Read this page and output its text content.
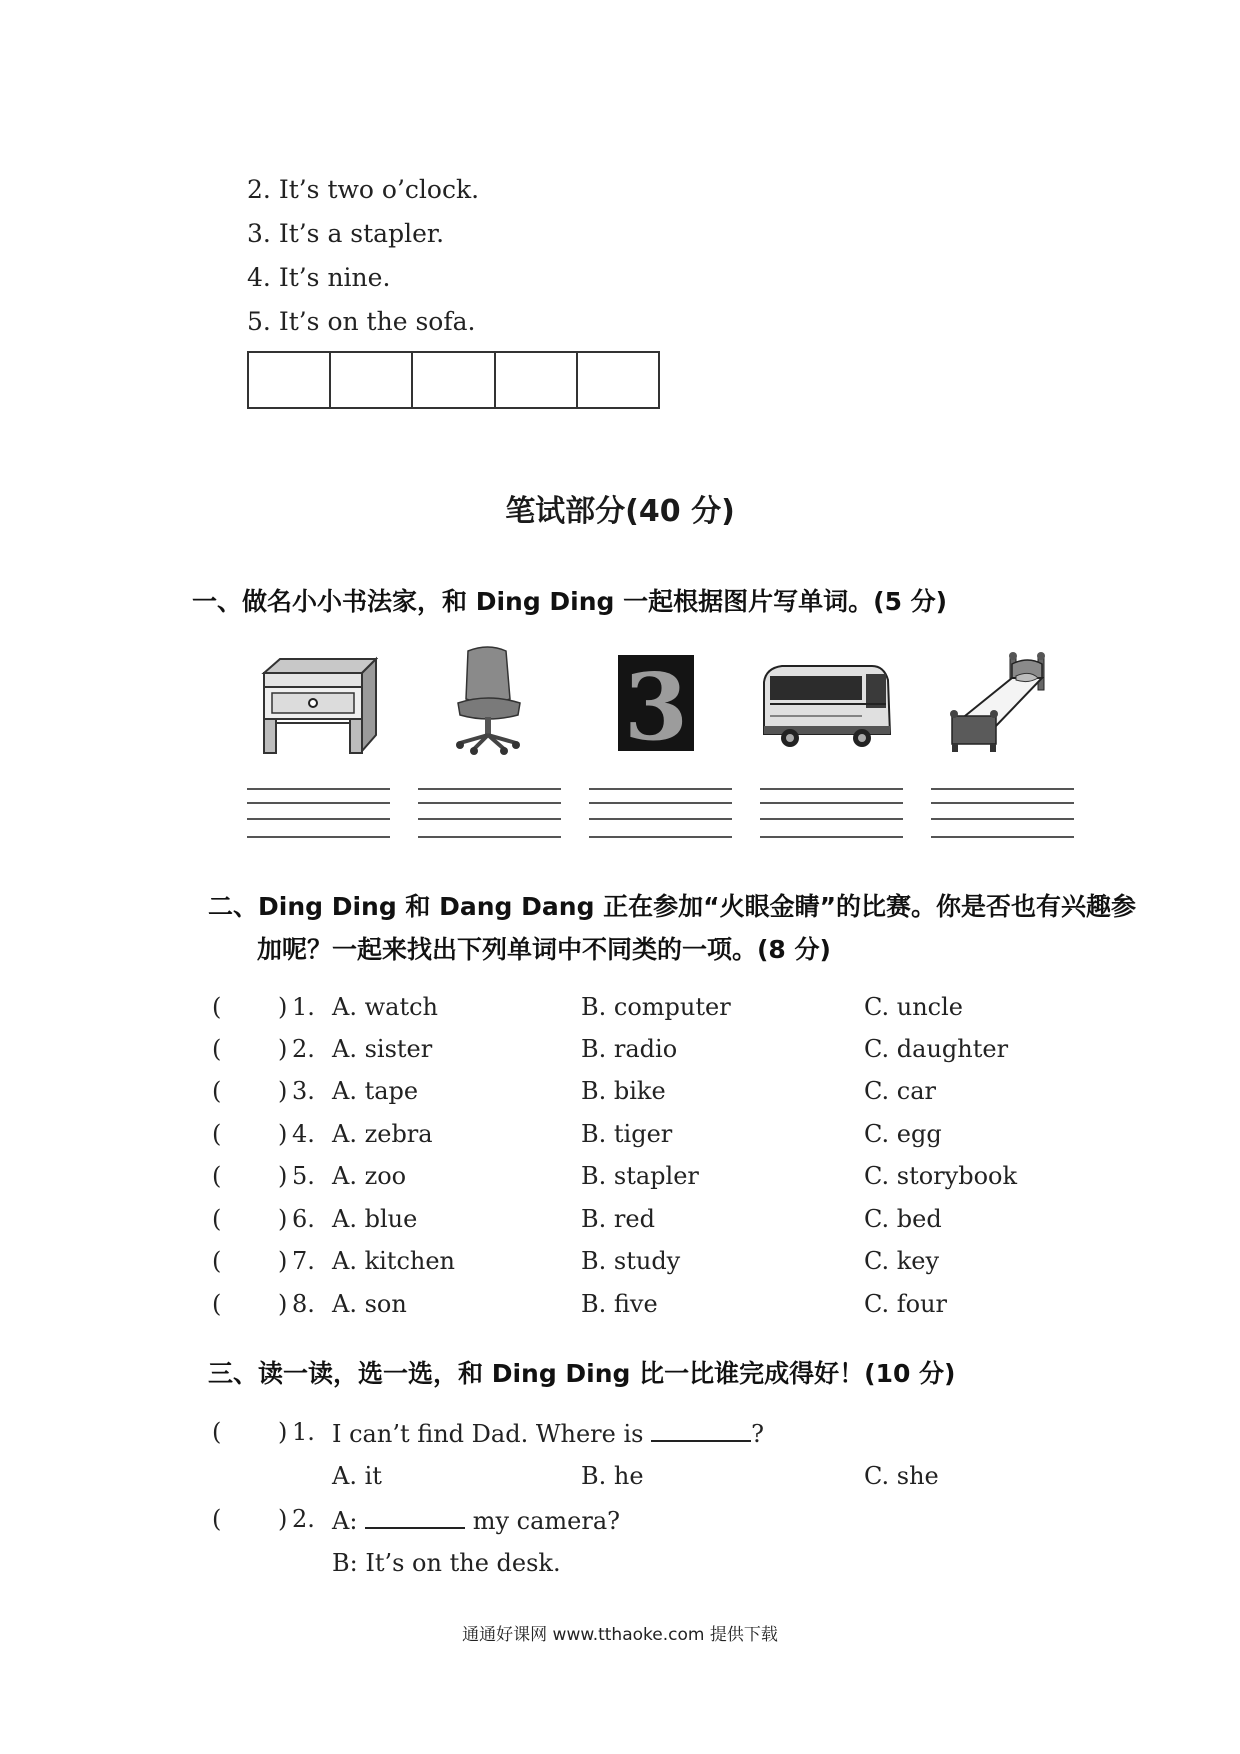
2. It’s two o’clock.
3. It’s a stapler.
4. It’s nine.
5. It’s on the sofa.
笔试部分(40 分)
一、做名小小书法家，和 Ding Ding 一起根据图片写单词。(5 分)
3
二、Ding Ding 和 Dang Dang 正在参加“火眼金睛”的比赛。你是否也有兴趣参
加呢？一起来找出下列单词中不同类的一项。(8 分)
( ) 1. A. watch	B. computer	C. uncle
( ) 2. A. sister	B. radio	C. daughter
( ) 3. A. tape	B. bike	C. car
( ) 4. A. zebra	B. tiger	C. egg
( ) 5. A. zoo	B. stapler	C. storybook
( ) 6. A. blue	B. red	C. bed
( ) 7. A. kitchen	B. study	C. key
( ) 8. A. son	B. five	C. four
三、读一读，选一选，和 Ding Ding 比一比谁完成得好！(10 分)
( ) 1. I can’t find Dad. Where is	?
A. it	B. he	C. she
( ) 2. A:	my camera?
B: It’s on the desk.
通通好课网 www.tthaoke.com 提供下载
